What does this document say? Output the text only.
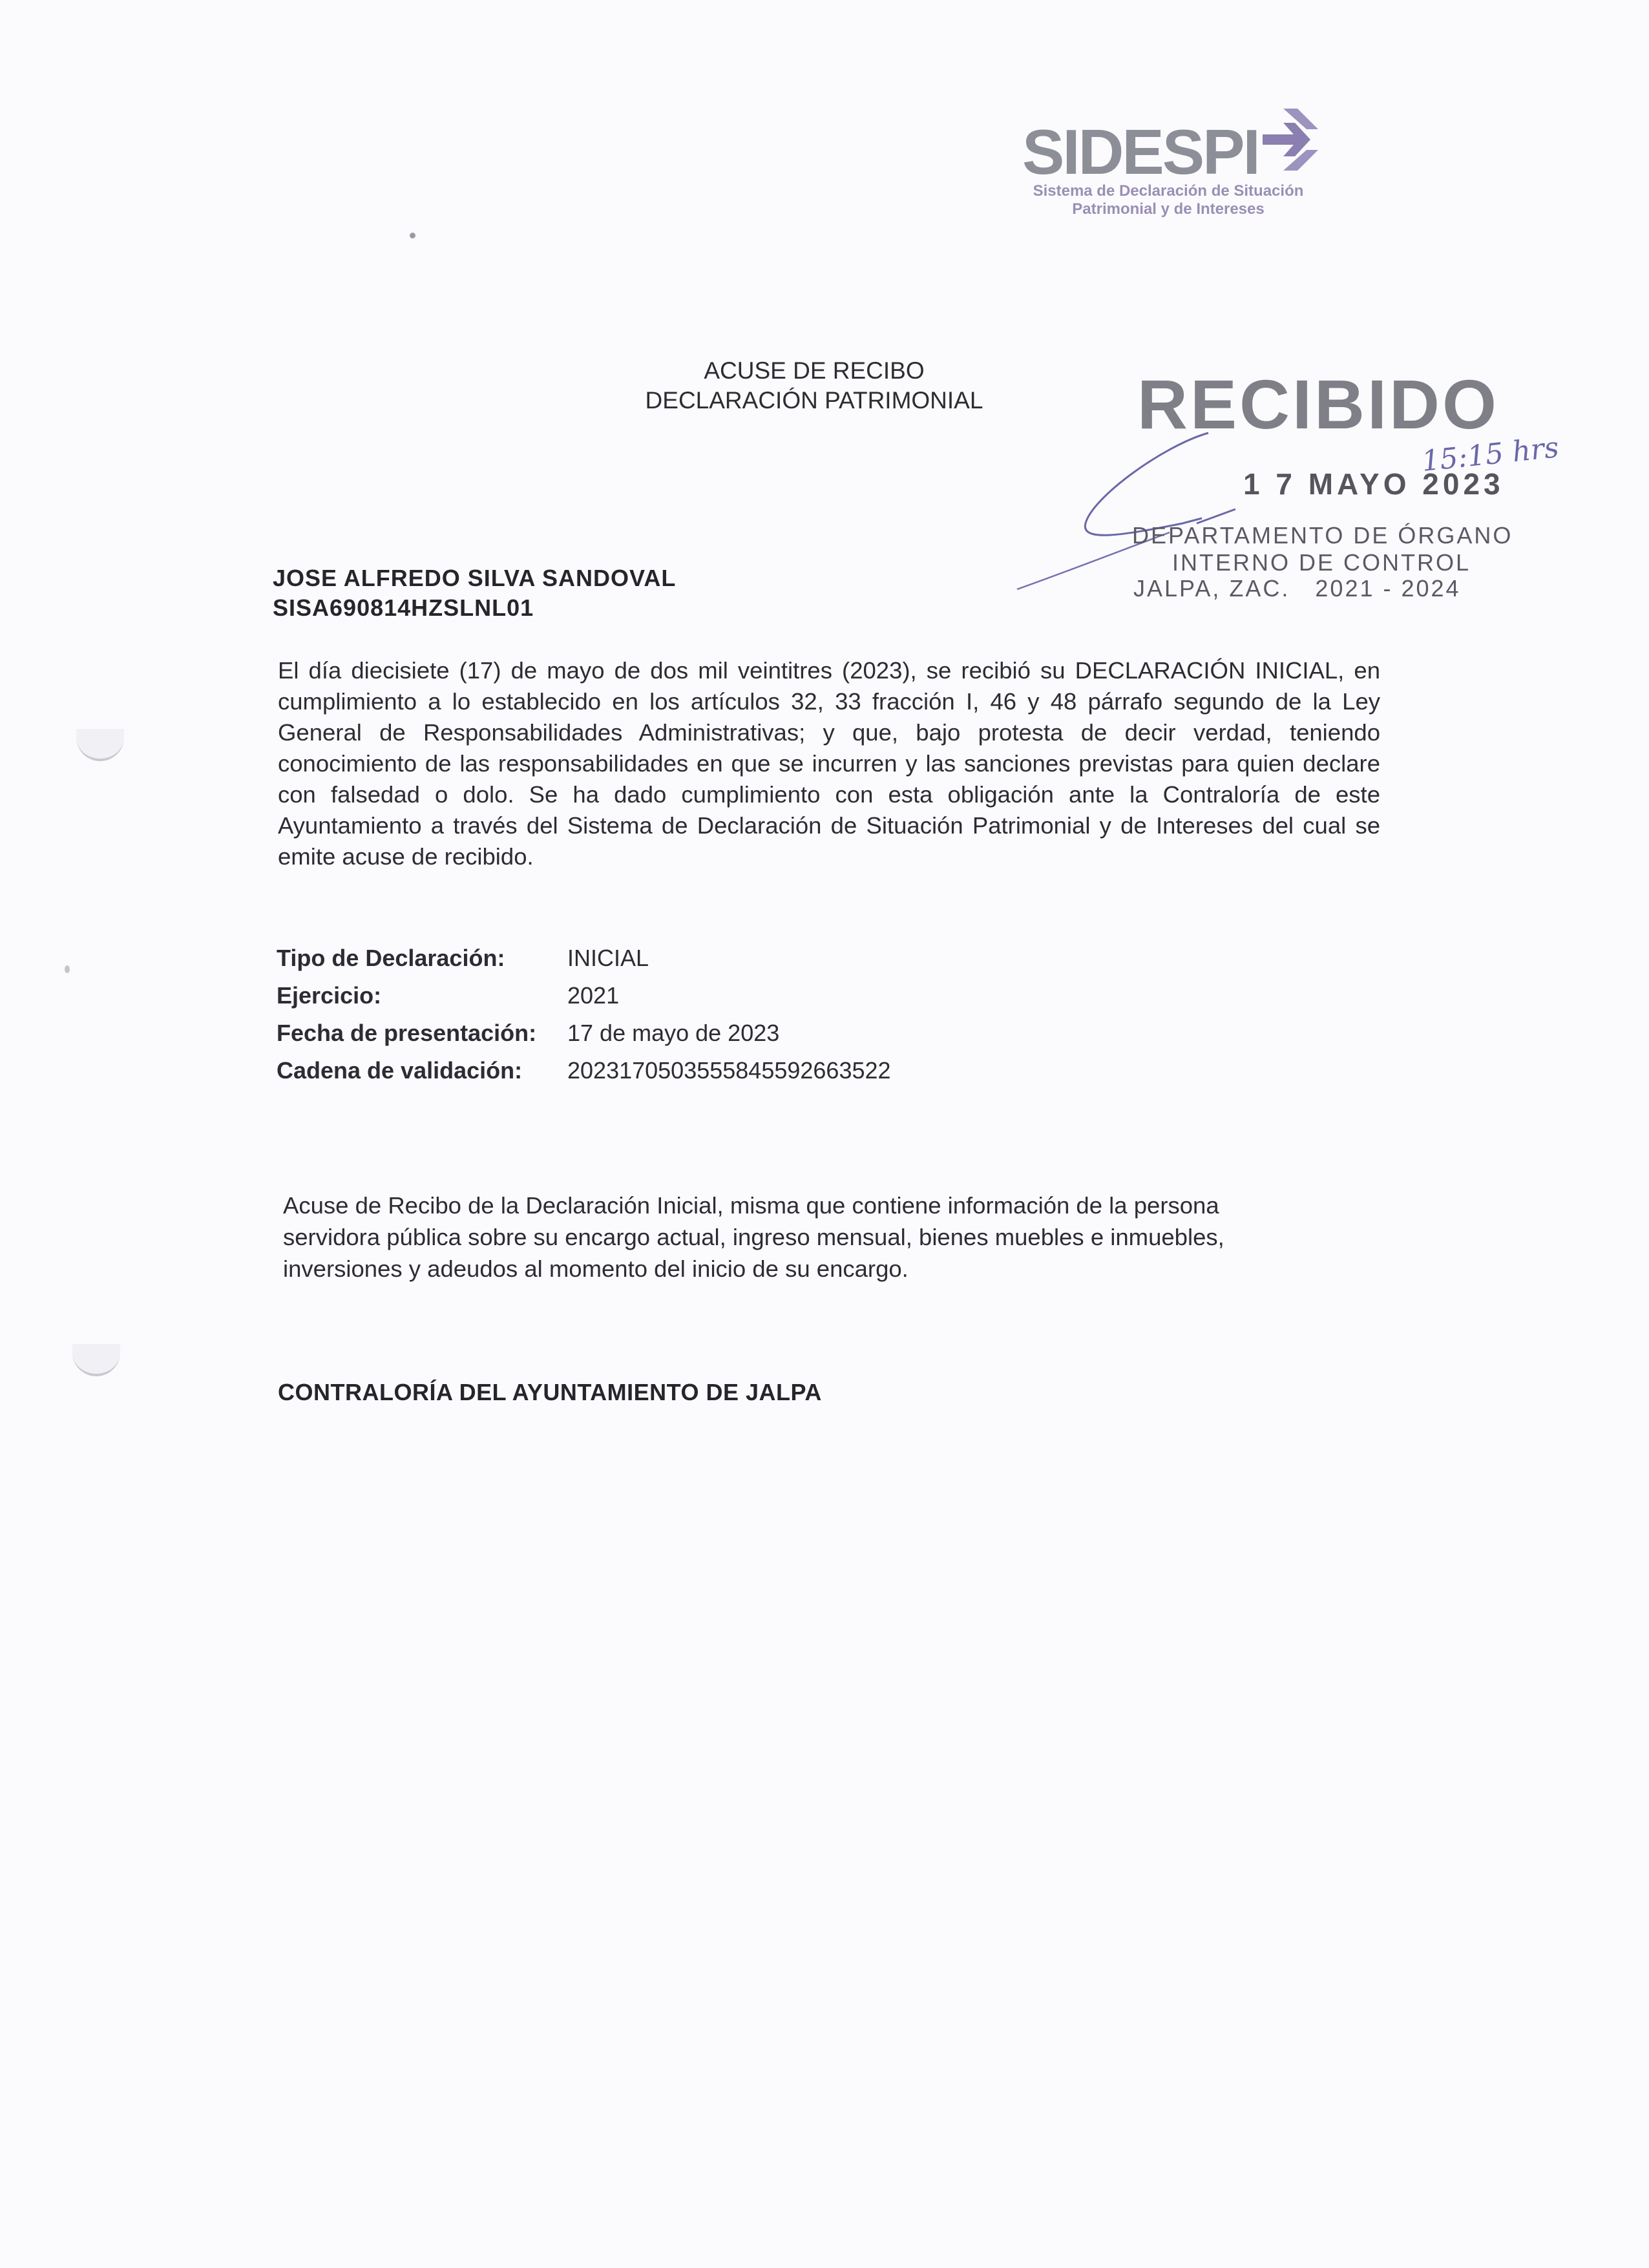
SIDESPI
Sistema de Declaración de Situación
Patrimonial y de Intereses
ACUSE DE RECIBO
DECLARACIÓN PATRIMONIAL	RECIBIDO
1 7 MAYO 2023
15:15 hrs
DEPARTAMENTO DE ÓRGANO
INTERNO DE CONTROL
JALPA, ZAC.   2021 - 2024
JOSE ALFREDO SILVA SANDOVAL
SISA690814HZSLNL01
El día diecisiete (17) de mayo de dos mil veintitres (2023), se recibió su DECLARACIÓN INICIAL, en cumplimiento a lo establecido en los artículos 32, 33 fracción I, 46 y 48 párrafo segundo de la Ley General de Responsabilidades Administrativas; y que, bajo protesta de decir verdad, teniendo conocimiento de las responsabilidades en que se incurren y las sanciones previstas para quien declare con falsedad o dolo. Se ha dado cumplimiento con esta obligación ante la Contraloría de este Ayuntamiento a través del Sistema de Declaración de Situación Patrimonial y de Intereses del cual se emite acuse de recibido.
Tipo de Declaración:	INICIAL
Ejercicio:	2021
Fecha de presentación:	17 de mayo de 2023
Cadena de validación:	20231705035558455926635​22
Acuse de Recibo de la Declaración Inicial, misma que contiene información de la persona servidora pública sobre su encargo actual, ingreso mensual, bienes muebles e inmuebles, inversiones y adeudos al momento del inicio de su encargo.
CONTRALORÍA DEL AYUNTAMIENTO DE JALPA
